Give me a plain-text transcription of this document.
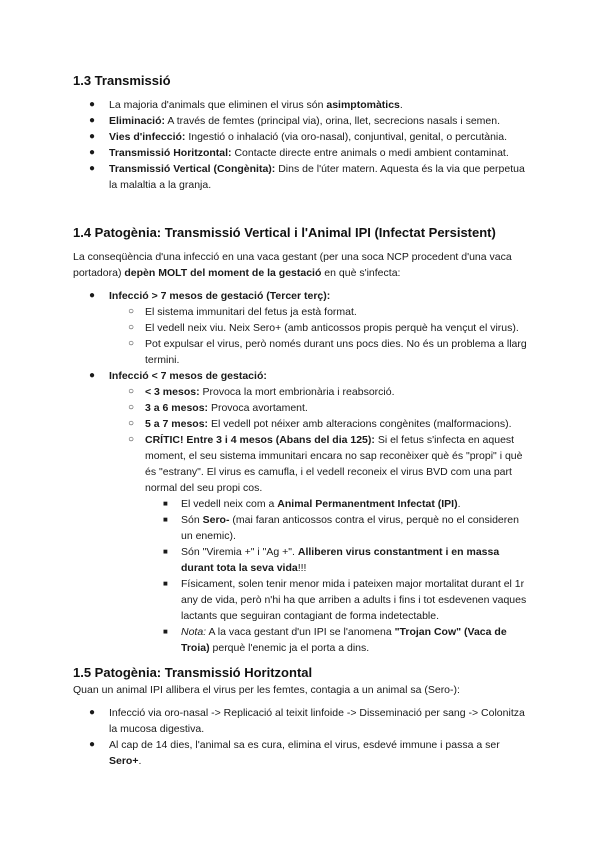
1.3 Transmissió
● La majoria d'animals que eliminen el virus són asimptomàtics.
● Eliminació: A través de femtes (principal via), orina, llet, secrecions nasals i semen.
● Vies d'infecció: Ingestió o inhalació (via oro-nasal), conjuntival, genital, o percutània.
● Transmissió Horitzontal: Contacte directe entre animals o medi ambient contaminat.
● Transmissió Vertical (Congènita): Dins de l'úter matern. Aquesta és la via que perpetua la malaltia a la granja.
1.4 Patogènia: Transmissió Vertical i l'Animal IPI (Infectat Persistent)

La conseqüència d'una infecció en una vaca gestant (per una soca NCP procedent d'una vaca portadora) depèn MOLT del moment de la gestació en què s'infecta:

● Infecció > 7 mesos de gestació (Tercer terç):
○ El sistema immunitari del fetus ja està format.
○ El vedell neix viu. Neix Sero+ (amb anticossos propis perquè ha vençut el virus).
○ Pot expulsar el virus, però només durant uns pocs dies. No és un problema a llarg termini.
● Infecció < 7 mesos de gestació:
○ < 3 mesos: Provoca la mort embrionària i reabsorció.
○ 3 a 6 mesos: Provoca avortament.
○ 5 a 7 mesos: El vedell pot néixer amb alteracions congènites (malformacions).
○ CRÍTIC! Entre 3 i 4 mesos (Abans del dia 125): Si el fetus s'infecta en aquest moment, el seu sistema immunitari encara no sap reconèixer què és "propi" i què és "estrany". El virus es camufla, i el vedell reconeix el virus BVD com una part normal del seu propi cos.
■ El vedell neix com a Animal Permanentment Infectat (IPI).
■ Són Sero- (mai faran anticossos contra el virus, perquè no el consideren un enemic).
■ Són "Viremia +" i "Ag +". Alliberen virus constantment i en massa durant tota la seva vida!!!
■ Físicament, solen tenir menor mida i pateixen major mortalitat durant el 1r any de vida, però n'hi ha que arriben a adults i fins i tot esdevenen vaques lactants que seguiran contagiant de forma indetectable.
■ Nota: A la vaca gestant d'un IPI se l'anomena "Trojan Cow" (Vaca de Troia) perquè l'enemic ja el porta a dins.
1.5 Patogènia: Transmissió Horitzontal

Quan un animal IPI allibera el virus per les femtes, contagia a un animal sa (Sero-):

● Infecció via oro-nasal -> Replicació al teixit linfoide -> Disseminació per sang -> Colonitza la mucosa digestiva.
● Al cap de 14 dies, l'animal sa es cura, elimina el virus, esdevé immune i passa a ser Sero+.
